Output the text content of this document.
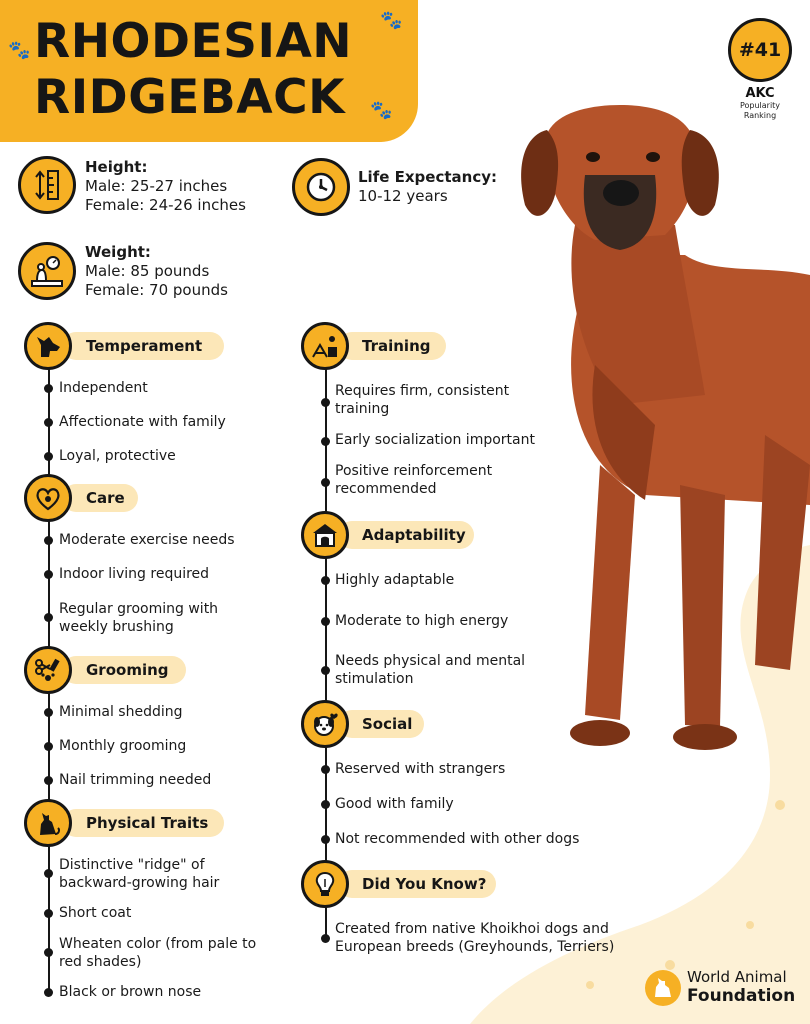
🐾
🐾
🐾
RHODESIAN
RIDGEBACK
#41
AKC
Popularity
Ranking
Height:
Male: 25-27 inches
Female: 24-26 inches
Life Expectancy:
10-12 years
Weight:
Male: 85 pounds
Female: 70 pounds
Temperament
Independent
Affectionate with family
Loyal, protective
Care
Moderate exercise needs
Indoor living required
Regular grooming with weekly brushing
Grooming
Minimal shedding
Monthly grooming
Nail trimming needed
Physical Traits
Distinctive "ridge" of backward-growing hair
Short coat
Wheaten color (from pale to red shades)
Black or brown nose
Training
Requires firm, consistent training
Early socialization important
Positive reinforcement recommended
Adaptability
Highly adaptable
Moderate to high energy
Needs physical and mental stimulation
Social
Reserved with strangers
Good with family
Not recommended with other dogs
Did You Know?
Created from native Khoikhoi dogs and European breeds (Greyhounds, Terriers)
World Animal
Foundation
